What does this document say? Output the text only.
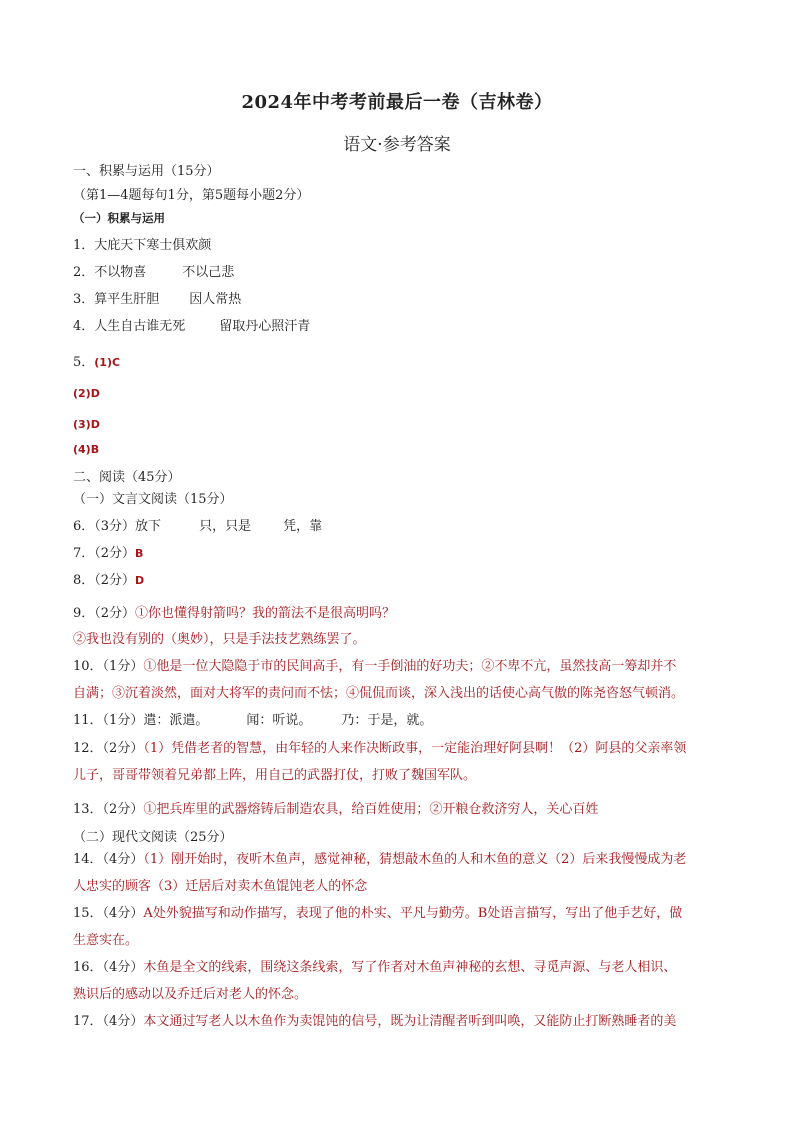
2024年中考考前最后一卷（吉林卷）
语文·参考答案
一、积累与运用（15分）
（第1—4题每句1分，第5题每小题2分）
（一）积累与运用
1．大庇天下寒士俱欢颜
2．不以物喜	不以己悲
3．算平生肝胆 因人常热
4．人生自古谁无死	留取丹心照汗青
5．(1)C
(2)D
(3)D
(4)B
二、阅读（45分）
（一）文言文阅读（15分）
6．（3分）放下	只，只是 凭，靠
7．（2分）B
8．（2分）D
9．（2分）①你也懂得射箭吗？我的箭法不是很高明吗？
②我也没有别的（奥妙），只是手法技艺熟练罢了。
10．（1分）①他是一位大隐隐于市的民间高手，有一手倒油的好功夫；②不卑不亢，虽然技高一筹却并不
自满；③沉着淡然，面对大将军的责问而不怯；④侃侃而谈，深入浅出的话使心高气傲的陈尧咨怒气顿消。
11．（1分）遣：派遣。	闻：听说。 乃：于是，就。
12．（2分）（1）凭借老者的智慧，由年轻的人来作决断政事，一定能治理好阿县啊！（2）阿县的父亲率领
儿子，哥哥带领着兄弟都上阵，用自己的武器打仗，打败了魏国军队。
13．（2分）①把兵库里的武器熔铸后制造农具，给百姓使用；②开粮仓救济穷人，关心百姓
（二）现代文阅读（25分）
14．（4分）（1）刚开始时，夜听木鱼声，感觉神秘，猜想敲木鱼的人和木鱼的意义（2）后来我慢慢成为老
人忠实的顾客（3）迁居后对卖木鱼馄饨老人的怀念
15．（4分）A处外貌描写和动作描写，表现了他的朴实、平凡与勤劳。B处语言描写，写出了他手艺好，做
生意实在。
16．（4分）木鱼是全文的线索，围绕这条线索，写了作者对木鱼声神秘的玄想、寻觅声源、与老人相识、
熟识后的感动以及乔迁后对老人的怀念。
17．（4分）本文通过写老人以木鱼作为卖馄饨的信号，既为让清醒者听到叫唤，又能防止打断熟睡者的美
